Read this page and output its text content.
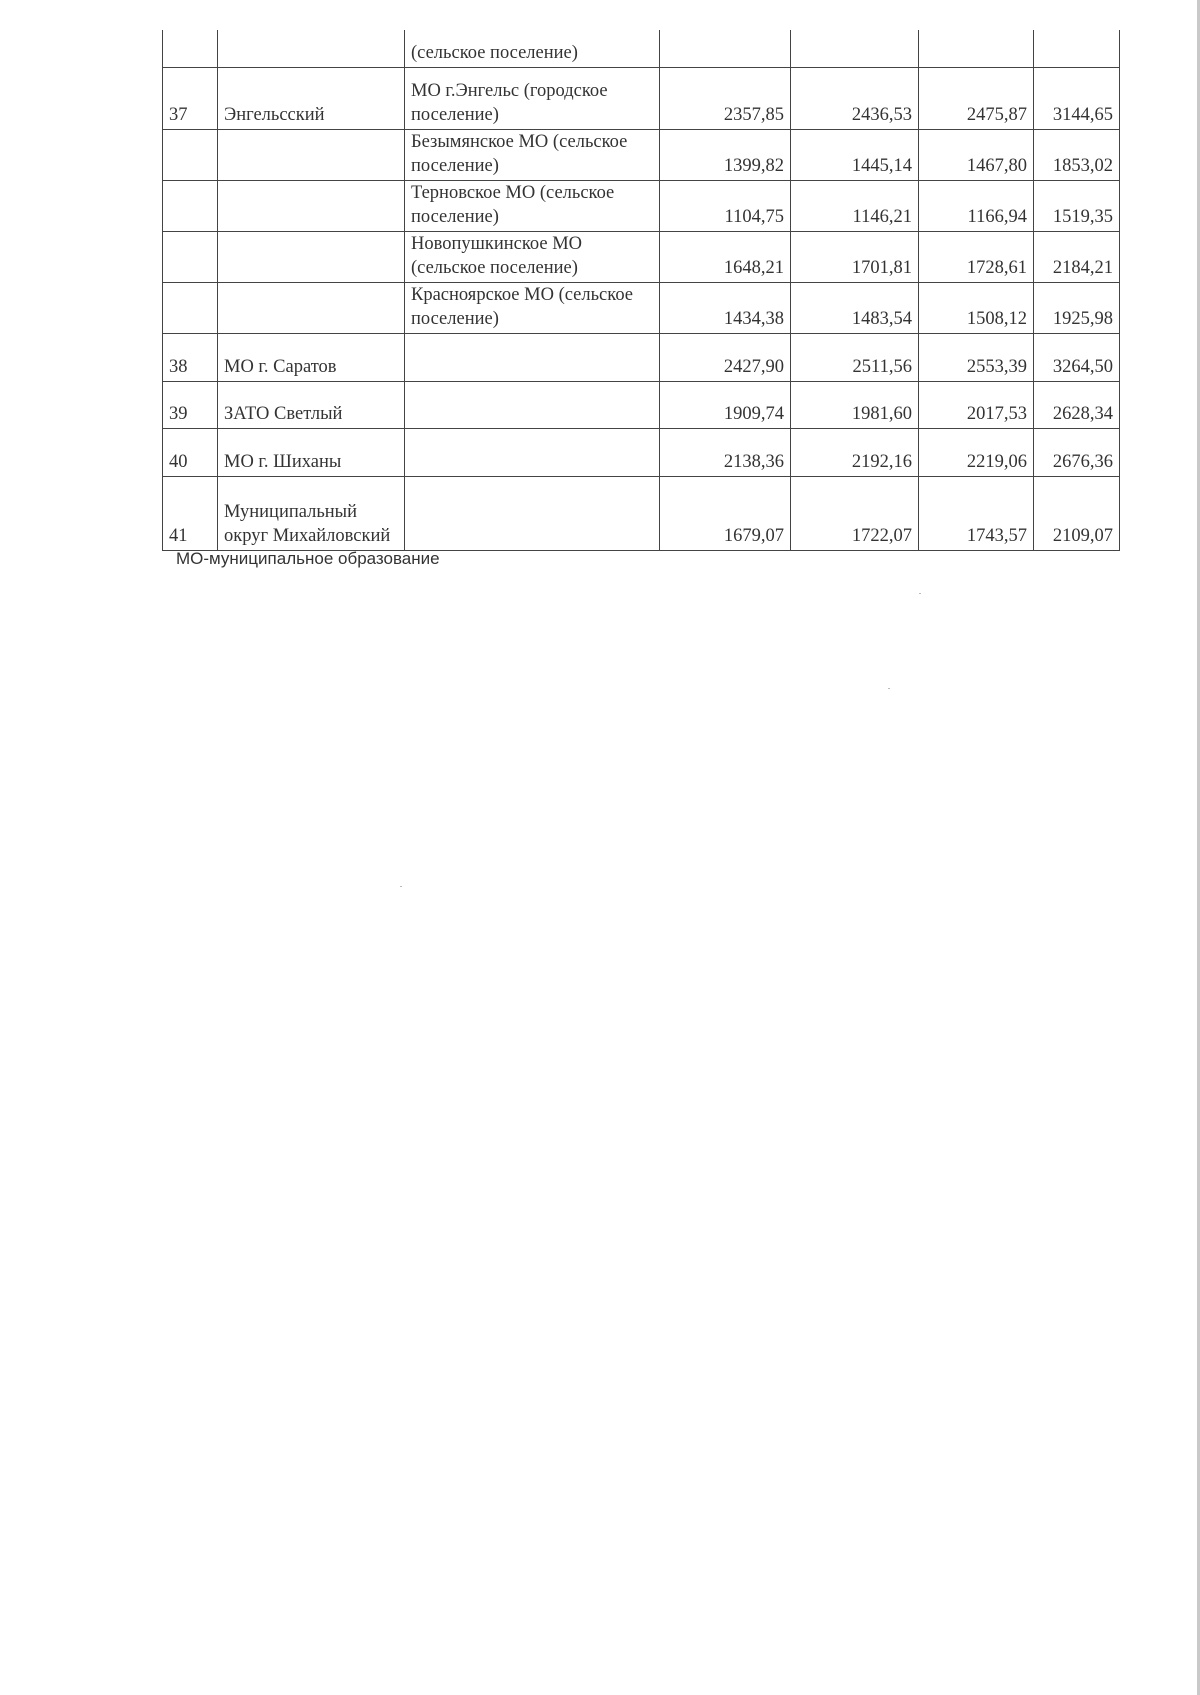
		(сельское поселение)				
37	Энгельсский	МО г.Энгельс (городское поселение)	2357,85	2436,53	2475,87	3144,65
		Безымянское МО (сельское поселение)	1399,82	1445,14	1467,80	1853,02
		Терновское МО (сельское поселение)	1104,75	1146,21	1166,94	1519,35
		Новопушкинское МО (сельское поселение)	1648,21	1701,81	1728,61	2184,21
		Красноярское МО (сельское поселение)	1434,38	1483,54	1508,12	1925,98
38	МО г. Саратов		2427,90	2511,56	2553,39	3264,50
39	ЗАТО Светлый		1909,74	1981,60	2017,53	2628,34
40	МО г. Шиханы		2138,36	2192,16	2219,06	2676,36
41	Муниципальный округ Михайловский		1679,07	1722,07	1743,57	2109,07
МО-муниципальное образование
